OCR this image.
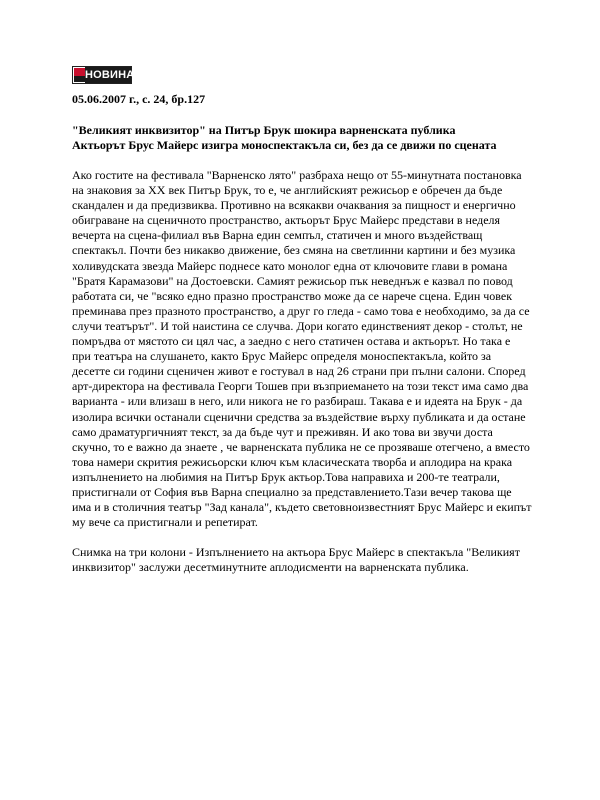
НОВИНАР
05.06.2007 г., с. 24, бр.127
"Великият инквизитор" на Питър Брук шокира варненската публика
Актьорът Брус Майерс изигра моноспектакъла си, без да се движи по сцената
Ако гостите на фестивала "Варненско лято" разбраха нещо от 55-минутната постановка на знаковия за ХХ век Питър Брук, то е, че английският режисьор е обречен да бъде скандален и да предизвиква. Противно на всякакви очаквания за пищност и енергично обиграване на сценичното пространство, актьорът Брус Майерс представи в неделя вечерта на сцена-филиал във Варна един семпъл, статичен и много въздействащ спектакъл. Почти без никакво движение, без смяна на светлинни картини и без музика холивудската звезда Майерс поднесе като монолог една от ключовите глави в романа "Братя Карамазови" на Достоевски. Самият режисьор пък неведнъж е казвал по повод работата си, че "всяко едно празно пространство може да се нарече сцена. Един човек преминава през празното пространство, а друг го гледа - само това е необходимо, за да се случи театърът". И той наистина се случва. Дори когато единственият декор - столът, не помръдва от мястото си цял час, а заедно с него статичен остава и актьорът. Но така е при театъра на слушането, както Брус Майерс определя моноспектакъла, който за десетте си години сценичен живот е гостувал в над 26 страни при пълни салони. Според арт-директора на фестивала Георги Тошев при възприемането на този текст има само два варианта - или влизаш в него, или никога не го разбираш. Такава е и идеята на Брук - да изолира всички останали сценични средства за въздействие върху публиката и да остане само драматургичният текст, за да бъде чут и преживян. И ако това ви звучи доста скучно, то е важно да знаете , че варненската публика не се прозяваше отегчено, а вместо това намери скрития режисьорски ключ към класическата творба и аплодира на крака изпълнението на любимия на Питър Брук актьор.Това направиха и 200-те театрали, пристигнали от София във Варна специално за представлението.Тази вечер такова ще има и в столичния театър "Зад канала", където световноизвестният Брус Майерс и екипът му вече са пристигнали и репетират.
Снимка на три колони - Изпълнението на актьора Брус Майерс в спектакъла "Великият инквизитор" заслужи десетминутните аплодисменти на варненската публика.
